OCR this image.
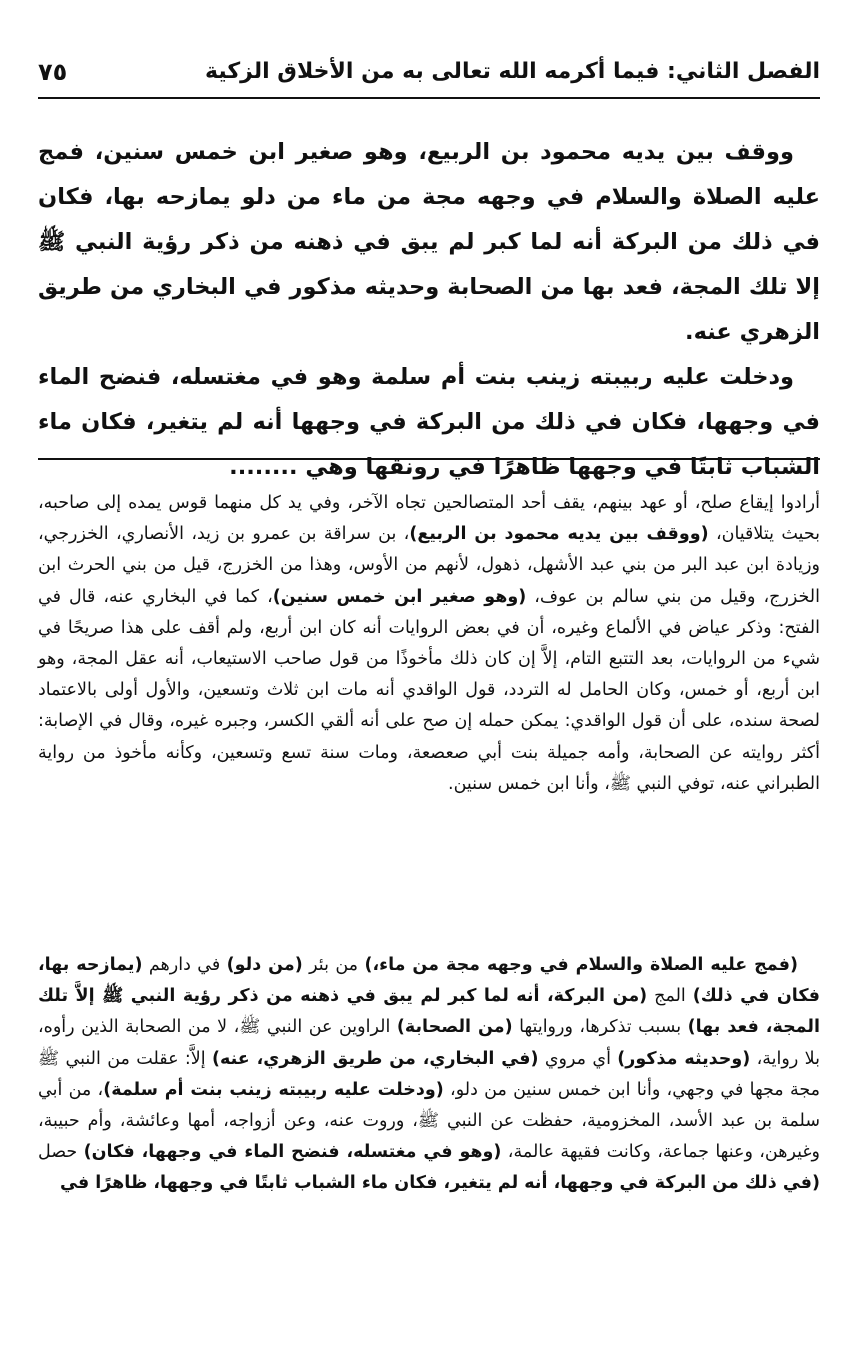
الفصل الثاني: فيما أكرمه الله تعالى به من الأخلاق الزكية
٧٥

ووقف بين يديه محمود بن الربيع، وهو صغير ابن خمس سنين، فمج عليه الصلاة والسلام في وجهه مجة من ماء من دلو يمازحه بها، فكان في ذلك من البركة أنه لما كبر لم يبق في ذهنه من ذكر رؤية النبي ﷺ إلا تلك المجة، فعد بها من الصحابة وحديثه مذكور في البخاري من طريق الزهري عنه.

ودخلت عليه ربيبته زينب بنت أم سلمة وهو في مغتسله، فنضح الماء في وجهها، فكان في ذلك من البركة في وجهها أنه لم يتغير، فكان ماء الشباب ثابتًا في وجهها ظاهرًا في رونقها وهي ........

أرادوا إيقاع صلح، أو عهد بينهم، يقف أحد المتصالحين تجاه الآخر، وفي يد كل منهما قوس يمده إلى صاحبه، بحيث يتلاقيان، (ووقف بين يديه محمود بن الربيع)، بن سراقة بن عمرو بن زيد، الأنصاري، الخزرجي، وزيادة ابن عبد البر من بني عبد الأشهل، ذهول، لأنهم من الأوس، وهذا من الخزرج، قيل من بني الحرث ابن الخزرج، وقيل من بني سالم بن عوف، (وهو صغير ابن خمس سنين)، كما في البخاري عنه، قال في الفتح: وذكر عياض في الألماع وغيره، أن في بعض الروايات أنه كان ابن أربع، ولم أقف على هذا صريحًا في شيء من الروايات، بعد التتبع التام، إلاَّ إن كان ذلك مأخوذًا من قول صاحب الاستيعاب، أنه عقل المجة، وهو ابن أربع، أو خمس، وكان الحامل له التردد، قول الواقدي أنه مات ابن ثلاث وتسعين، والأول أولى بالاعتماد لصحة سنده، على أن قول الواقدي: يمكن حمله إن صح على أنه ألقي الكسر، وجبره غيره، وقال في الإصابة: أكثر روايته عن الصحابة، وأمه جميلة بنت أبي صعصعة، ومات سنة تسع وتسعين، وكأنه مأخوذ من رواية الطبراني عنه، توفي النبي ﷺ، وأنا ابن خمس سنين.

(فمج عليه الصلاة والسلام في وجهه مجة من ماء،) من بئر (من دلو) في دارهم (يمازحه بها، فكان في ذلك) المج (من البركة، أنه لما كبر لم يبق في ذهنه من ذكر رؤية النبي ﷺ إلاَّ تلك المجة، فعد بها) بسبب تذكرها، وروايتها (من الصحابة) الراوين عن النبي ﷺ، لا من الصحابة الذين رأوه، بلا رواية، (وحديثه مذكور) أي مروي (في البخاري، من طريق الزهري، عنه) إلاَّ: عقلت من النبي ﷺ مجة مجها في وجهي، وأنا ابن خمس سنين من دلو، (ودخلت عليه ربيبته زينب بنت أم سلمة)، من أبي سلمة بن عبد الأسد، المخزومية، حفظت عن النبي ﷺ، وروت عنه، وعن أزواجه، أمها وعائشة، وأم حبيبة، وغيرهن، وعنها جماعة، وكانت فقيهة عالمة، (وهو في مغتسله، فنضح الماء في وجهها، فكان) حصل (في ذلك من البركة في وجهها، أنه لم يتغير، فكان ماء الشباب ثابتًا في وجهها، ظاهرًا في
